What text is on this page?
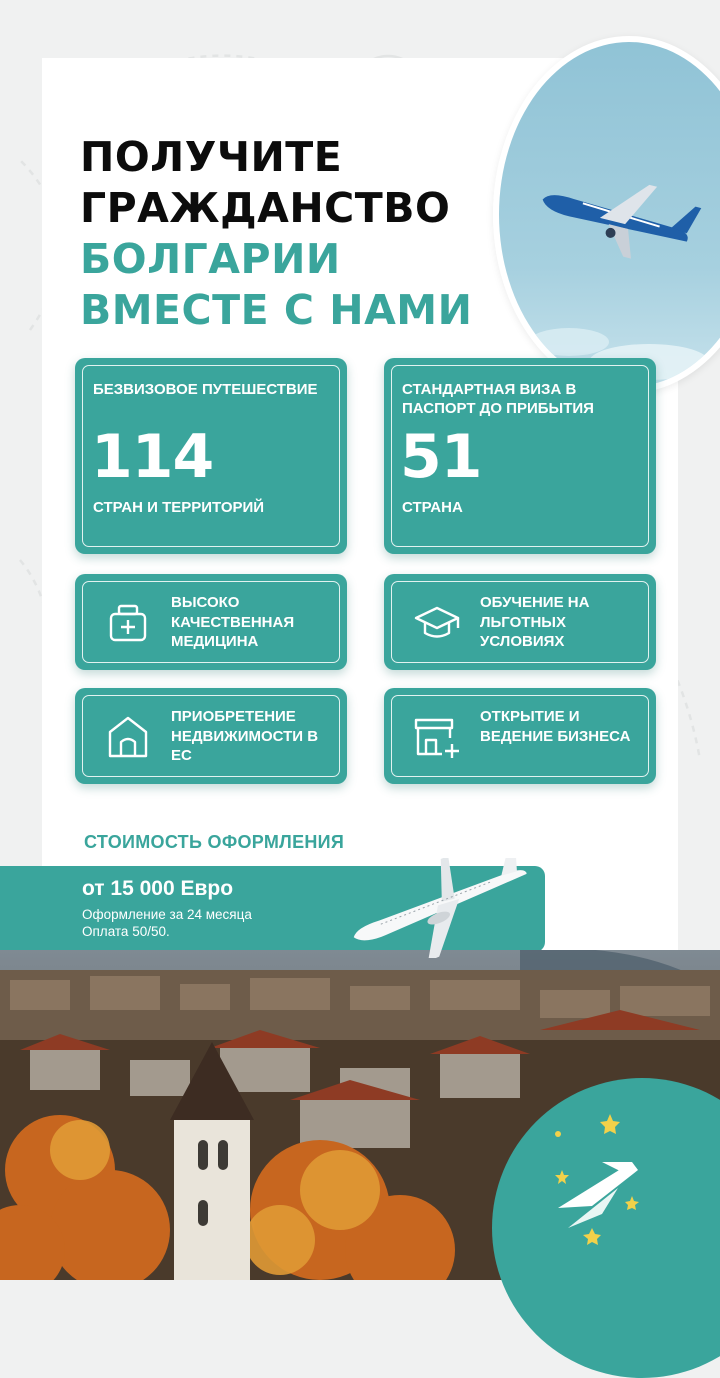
ПОЛУЧИТЕ
ГРАЖДАНСТВО
БОЛГАРИИ
ВМЕСТЕ С НАМИ
БЕЗВИЗОВОЕ ПУТЕШЕСТВИЕ
114
СТРАН И ТЕРРИТОРИЙ
СТАНДАРТНАЯ ВИЗА В ПАСПОРТ ДО ПРИБЫТИЯ
51
СТРАНА
ВЫСОКО КАЧЕСТВЕННАЯ МЕДИЦИНА
ОБУЧЕНИЕ НА ЛЬГОТНЫХ УСЛОВИЯХ
ПРИОБРЕТЕНИЕ НЕДВИЖИМОСТИ В ЕС
ОТКРЫТИЕ И ВЕДЕНИЕ БИЗНЕСА
СТОИМОСТЬ ОФОРМЛЕНИЯ

от 15 000 Евро

Оформление за 24 месяца
Оплата 50/50.
